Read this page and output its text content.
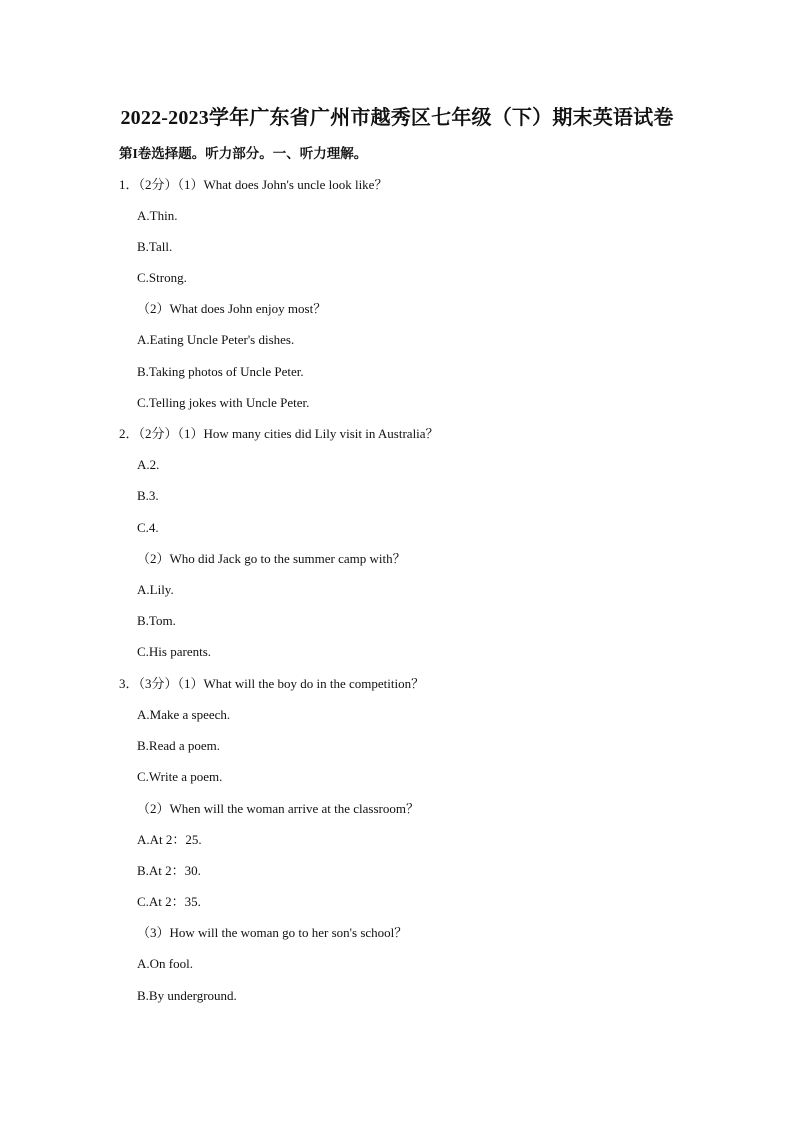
2022-2023学年广东省广州市越秀区七年级（下）期末英语试卷
第I卷选择题。听力部分。一、听力理解。
1．（2分）（1）What does John's uncle look like？
A.Thin.
B.Tall.
C.Strong.
（2）What does John enjoy most？
A.Eating Uncle Peter's dishes.
B.Taking photos of Uncle Peter.
C.Telling jokes with Uncle Peter.
2．（2分）（1）How many cities did Lily visit in Australia？
A.2.
B.3.
C.4.
（2）Who did Jack go to the summer camp with？
A.Lily.
B.Tom.
C.His parents.
3．（3分）（1）What will the boy do in the competition？
A.Make a speech.
B.Read a poem.
C.Write a poem.
（2）When will the woman arrive at the classroom？
A.At 2：25.
B.At 2：30.
C.At 2：35.
（3）How will the woman go to her son's school？
A.On fool.
B.By underground.
